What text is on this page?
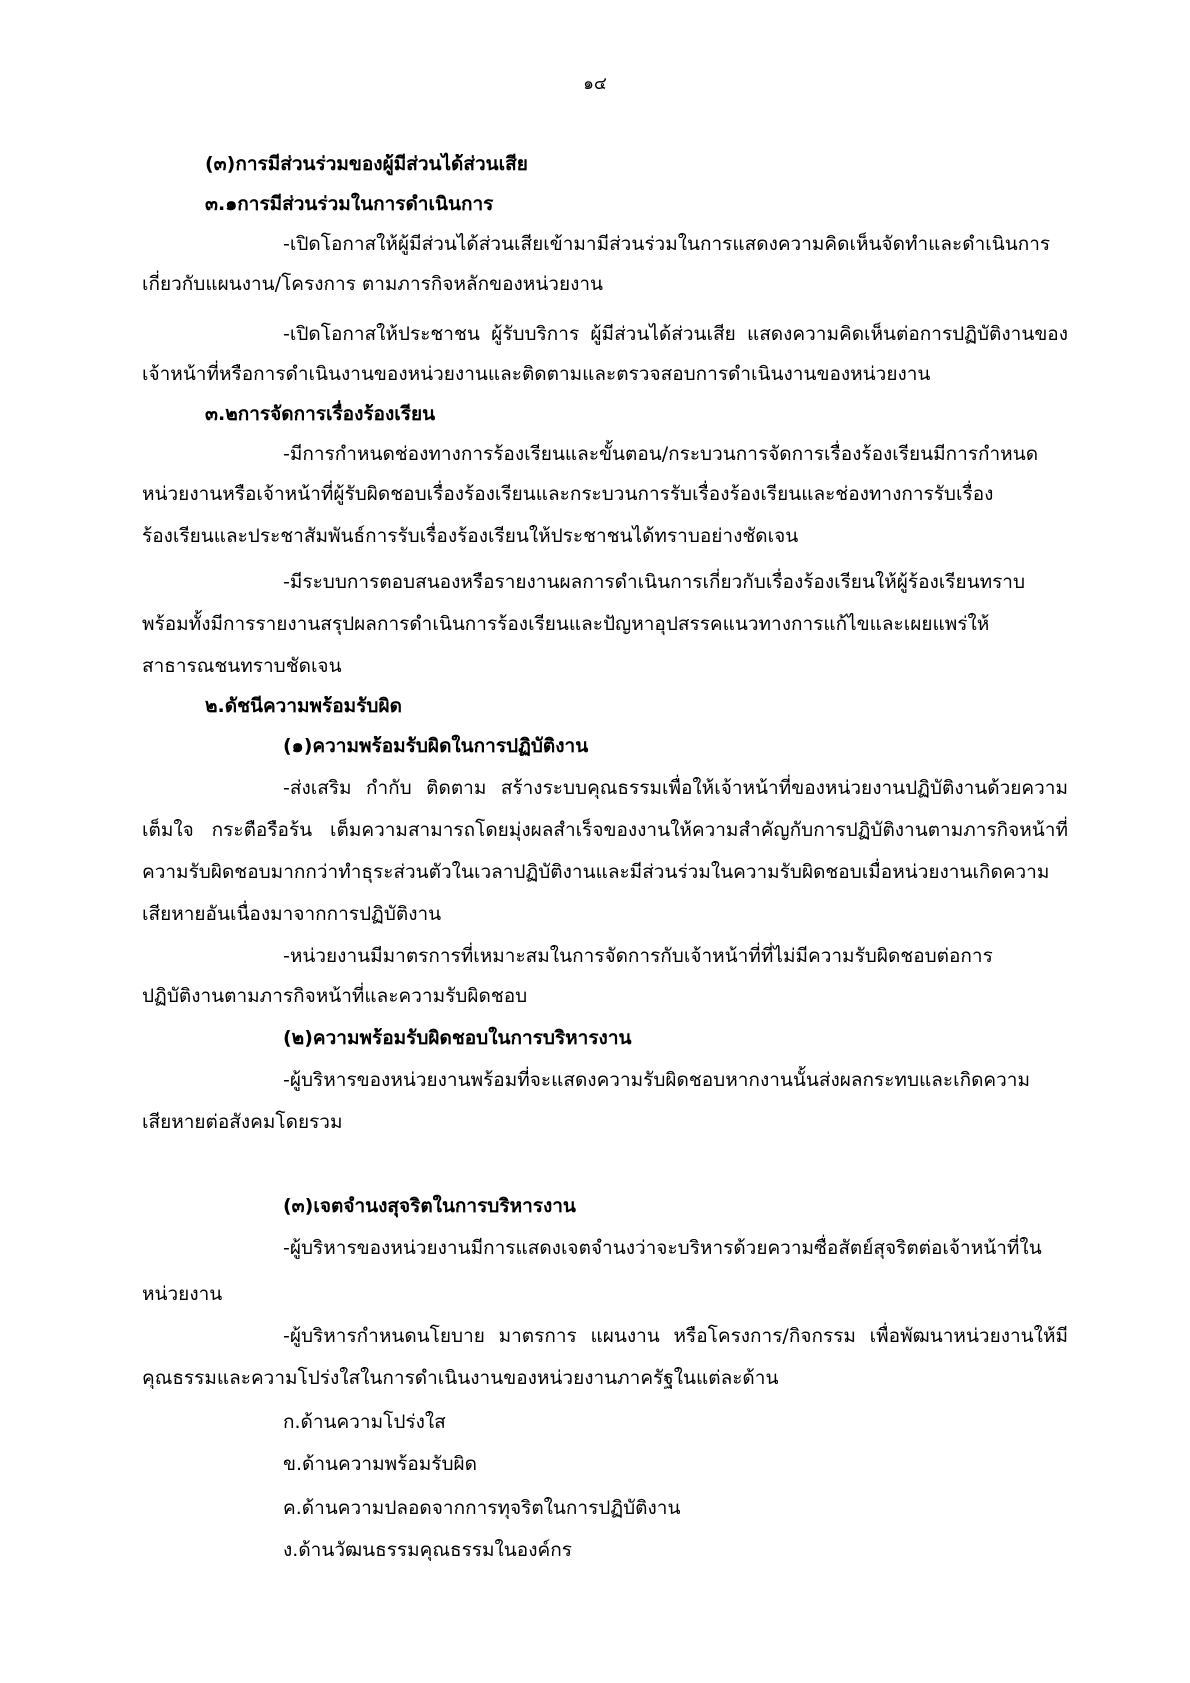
๑๔
(๓)การมีส่วนร่วมของผู้มีส่วนได้ส่วนเสีย
๓.๑การมีส่วนร่วมในการดำเนินการ
-เปิดโอกาสให้ผู้มีส่วนได้ส่วนเสียเข้ามามีส่วนร่วมในการแสดงความคิดเห็นจัดทำและดำเนินการ
เกี่ยวกับแผนงาน/โครงการ ตามภารกิจหลักของหน่วยงาน
-เปิดโอกาสให้ประชาชน ผู้รับบริการ ผู้มีส่วนได้ส่วนเสีย แสดงความคิดเห็นต่อการปฏิบัติงานของ
เจ้าหน้าที่หรือการดำเนินงานของหน่วยงานและติดตามและตรวจสอบการดำเนินงานของหน่วยงาน
๓.๒การจัดการเรื่องร้องเรียน
-มีการกำหนดช่องทางการร้องเรียนและขั้นตอน/กระบวนการจัดการเรื่องร้องเรียนมีการกำหนด
หน่วยงานหรือเจ้าหน้าที่ผู้รับผิดชอบเรื่องร้องเรียนและกระบวนการรับเรื่องร้องเรียนและช่องทางการรับเรื่อง
ร้องเรียนและประชาสัมพันธ์การรับเรื่องร้องเรียนให้ประชาชนได้ทราบอย่างชัดเจน
-มีระบบการตอบสนองหรือรายงานผลการดำเนินการเกี่ยวกับเรื่องร้องเรียนให้ผู้ร้องเรียนทราบ
พร้อมทั้งมีการรายงานสรุปผลการดำเนินการร้องเรียนและปัญหาอุปสรรคแนวทางการแก้ไขและเผยแพร่ให้
สาธารณชนทราบชัดเจน
๒.ดัชนีความพร้อมรับผิด
(๑)ความพร้อมรับผิดในการปฏิบัติงาน
-ส่งเสริม กำกับ ติดตาม สร้างระบบคุณธรรมเพื่อให้เจ้าหน้าที่ของหน่วยงานปฏิบัติงานด้วยความ
เต็มใจ กระตือรือร้น เต็มความสามารถโดยมุ่งผลสำเร็จของงานให้ความสำคัญกับการปฏิบัติงานตามภารกิจหน้าที่
ความรับผิดชอบมากกว่าทำธุระส่วนตัวในเวลาปฏิบัติงานและมีส่วนร่วมในความรับผิดชอบเมื่อหน่วยงานเกิดความ
เสียหายอันเนื่องมาจากการปฏิบัติงาน
-หน่วยงานมีมาตรการที่เหมาะสมในการจัดการกับเจ้าหน้าที่ที่ไม่มีความรับผิดชอบต่อการ
ปฏิบัติงานตามภารกิจหน้าที่และความรับผิดชอบ
(๒)ความพร้อมรับผิดชอบในการบริหารงาน
-ผู้บริหารของหน่วยงานพร้อมที่จะแสดงความรับผิดชอบหากงานนั้นส่งผลกระทบและเกิดความ
เสียหายต่อสังคมโดยรวม
(๓)เจตจำนงสุจริตในการบริหารงาน
-ผู้บริหารของหน่วยงานมีการแสดงเจตจำนงว่าจะบริหารด้วยความซื่อสัตย์สุจริตต่อเจ้าหน้าที่ใน
หน่วยงาน
-ผู้บริหารกำหนดนโยบาย มาตรการ แผนงาน หรือโครงการ/กิจกรรม เพื่อพัฒนาหน่วยงานให้มี
คุณธรรมและความโปร่งใสในการดำเนินงานของหน่วยงานภาครัฐในแต่ละด้าน
ก.ด้านความโปร่งใส
ข.ด้านความพร้อมรับผิด
ค.ด้านความปลอดจากการทุจริตในการปฏิบัติงาน
ง.ด้านวัฒนธรรมคุณธรรมในองค์กร
